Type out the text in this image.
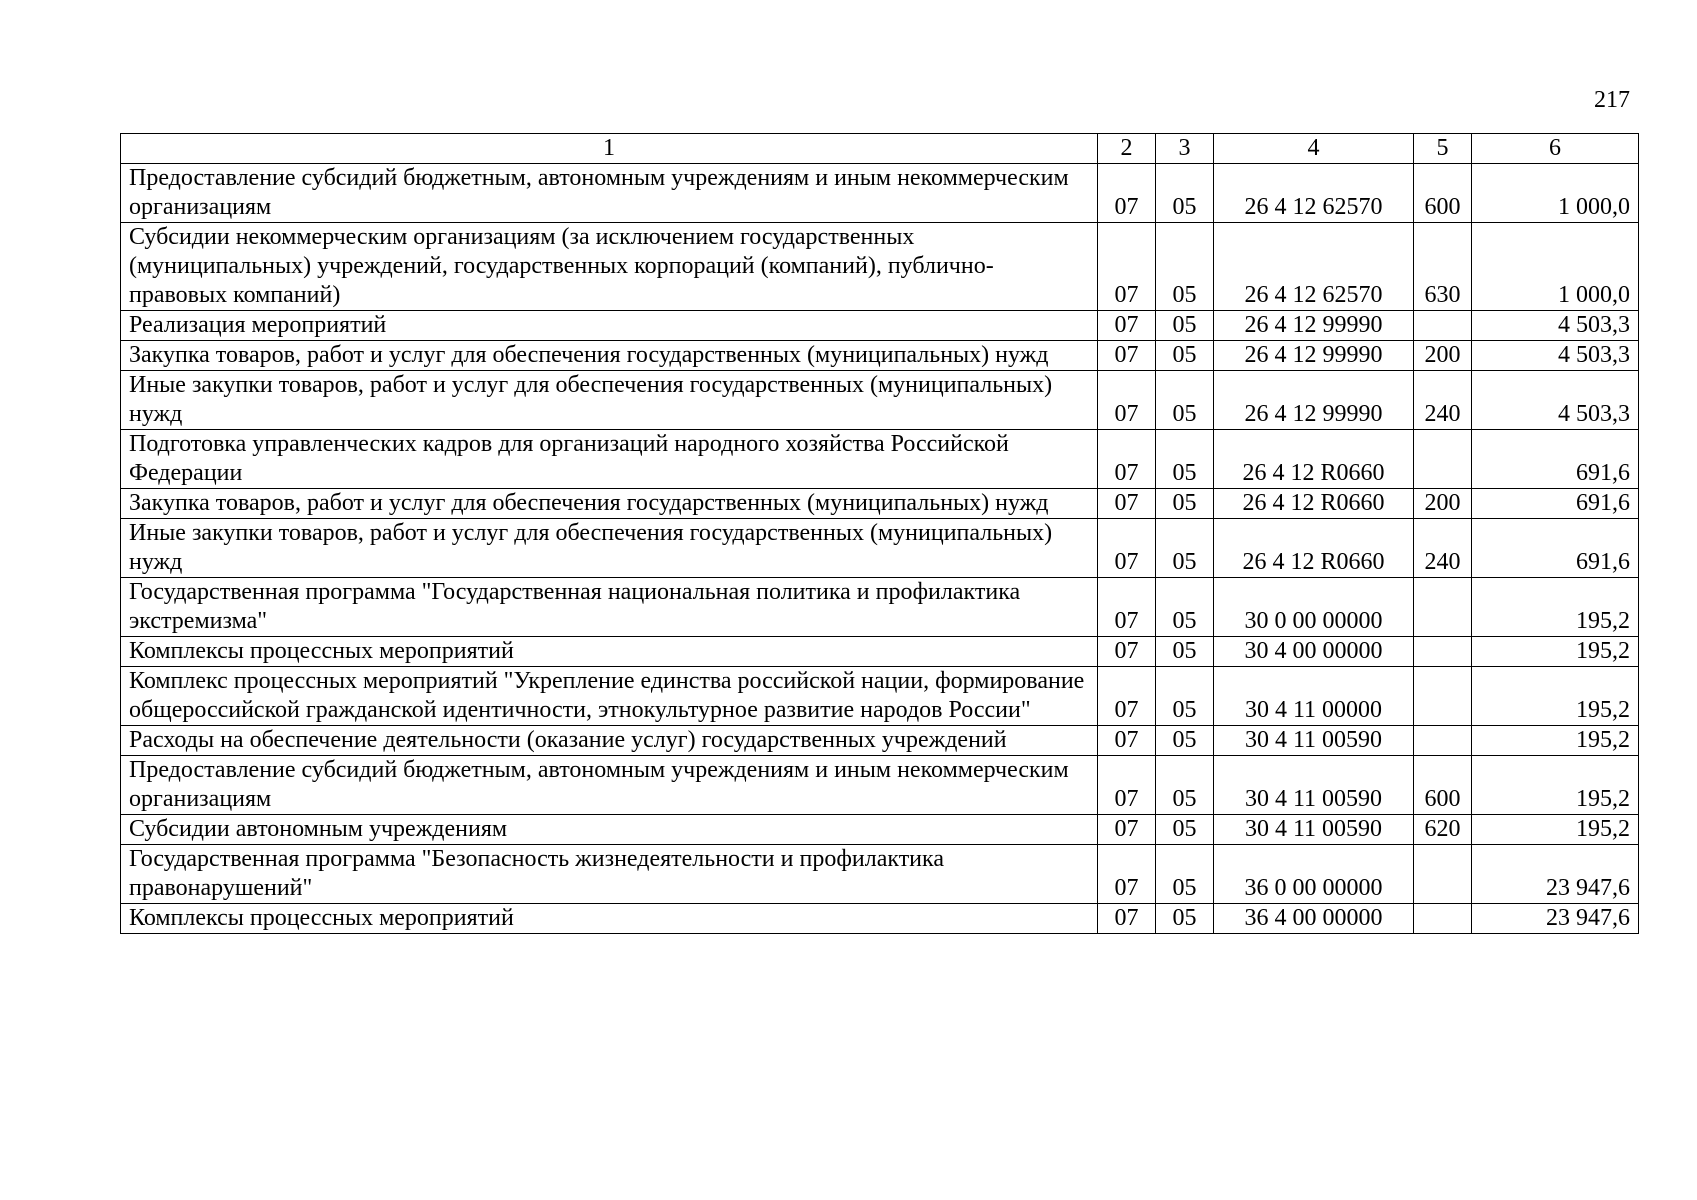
217
1	2	3	4	5	6
Предоставление субсидий бюджетным, автономным учреждениям и иным некоммерческим организациям	07	05	26 4 12 62570	600	1 000,0
Субсидии некоммерческим организациям (за исключением государственных (муниципальных) учреждений, государственных корпораций (компаний), публично-правовых компаний)	07	05	26 4 12 62570	630	1 000,0
Реализация мероприятий	07	05	26 4 12 99990		4 503,3
Закупка товаров, работ и услуг для обеспечения государственных (муниципальных) нужд	07	05	26 4 12 99990	200	4 503,3
Иные закупки товаров, работ и услуг для обеспечения государственных (муниципальных) нужд	07	05	26 4 12 99990	240	4 503,3
Подготовка управленческих кадров для организаций народного хозяйства Российской Федерации	07	05	26 4 12 R0660		691,6
Закупка товаров, работ и услуг для обеспечения государственных (муниципальных) нужд	07	05	26 4 12 R0660	200	691,6
Иные закупки товаров, работ и услуг для обеспечения государственных (муниципальных) нужд	07	05	26 4 12 R0660	240	691,6
Государственная программа "Государственная национальная политика и профилактика экстремизма"	07	05	30 0 00 00000		195,2
Комплексы процессных мероприятий	07	05	30 4 00 00000		195,2
Комплекс процессных мероприятий "Укрепление единства российской нации, формирование общероссийской гражданской идентичности, этнокультурное развитие народов России"	07	05	30 4 11 00000		195,2
Расходы на обеспечение деятельности (оказание услуг) государственных учреждений	07	05	30 4 11 00590		195,2
Предоставление субсидий бюджетным, автономным учреждениям и иным некоммерческим организациям	07	05	30 4 11 00590	600	195,2
Субсидии автономным учреждениям	07	05	30 4 11 00590	620	195,2
Государственная программа "Безопасность жизнедеятельности и профилактика правонарушений"	07	05	36 0 00 00000		23 947,6
Комплексы процессных мероприятий	07	05	36 4 00 00000		23 947,6
